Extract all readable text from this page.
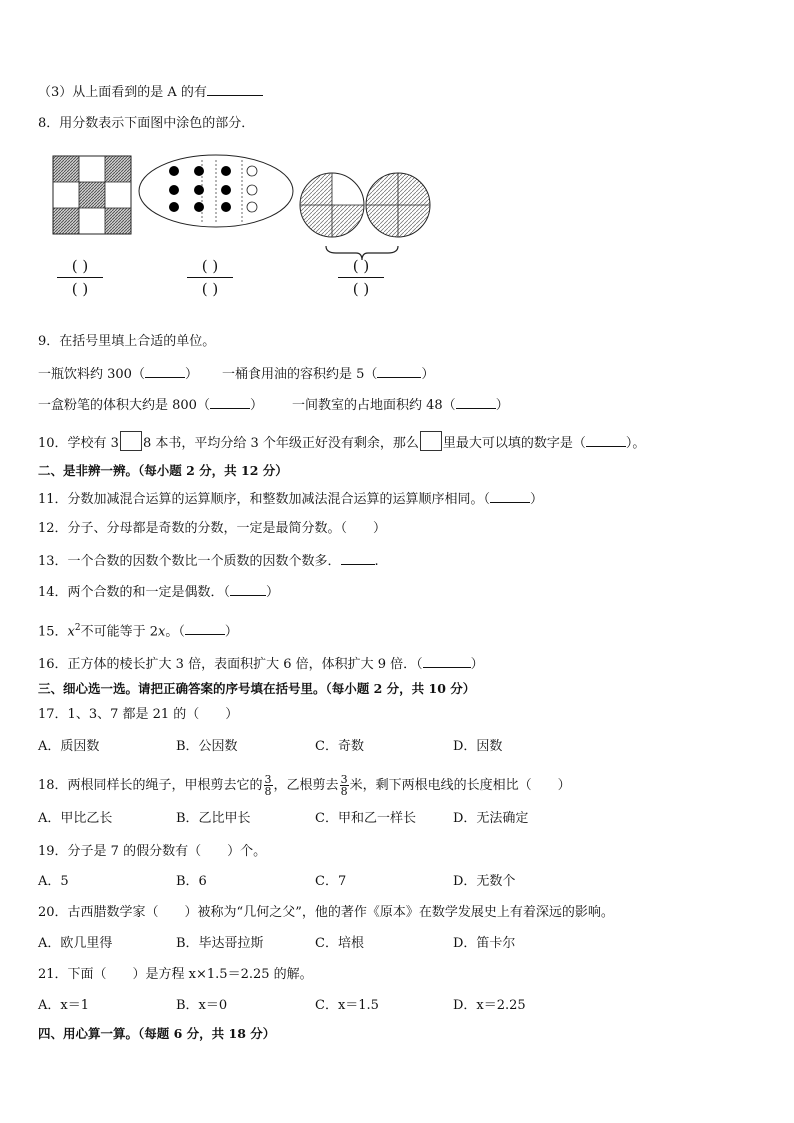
（3）从上面看到的是 A 的有
8．用分数表示下面图中涂色的部分．
( )
( )
( )
( )
( )
( )
9．在括号里填上合适的单位。
一瓶饮料约 300（	） 一桶食用油的容积约是 5（	）
一盒粉笔的体积大约是 800（	） 一间教室的占地面积约 48（	）
10．学校有 3 8 本书，平均分给 3 个年级正好没有剩余，那么 里最大可以填的数字是（	）。
二、是非辨一辨。（每小题 2 分，共 12 分）
11．分数加减混合运算的运算顺序，和整数加减法混合运算的运算顺序相同。（	）
12．分子、分母都是奇数的分数，一定是最简分数。（　　）
13．一个合数的因数个数比一个质数的因数个数多．	.
14．两个合数的和一定是偶数．（	）
15．$x^2$不可能等于 2x。（	）
16．正方体的棱长扩大 3 倍，表面积扩大 6 倍，体积扩大 9 倍．（	）
三、细心选一选。请把正确答案的序号填在括号里。（每小题 2 分，共 10 分）
17．1、3、7 都是 21 的（　　）
A．质因数	B．公因数	C．奇数	D．因数
18．两根同样长的绳子，甲根剪去它的 $\frac{3}{8}$ ，乙根剪去 $\frac{3}{8}$ 米，剩下两根电线的长度相比（　　）
A．甲比乙长	B．乙比甲长	C．甲和乙一样长	D．无法确定
19．分子是 7 的假分数有（　　）个。
A．5	B．6	C．7	D．无数个
20．古西腊数学家（　　）被称为“几何之父”，他的著作《原本》在数学发展史上有着深远的影响。
A．欧几里得	B．毕达哥拉斯	C．培根	D．笛卡尔
21．下面（　　）是方程 x×1.5＝2.25 的解。
A．x＝1	B．x＝0	C．x＝1.5	D．x＝2.25
四、用心算一算。（每题 6 分，共 18 分）
